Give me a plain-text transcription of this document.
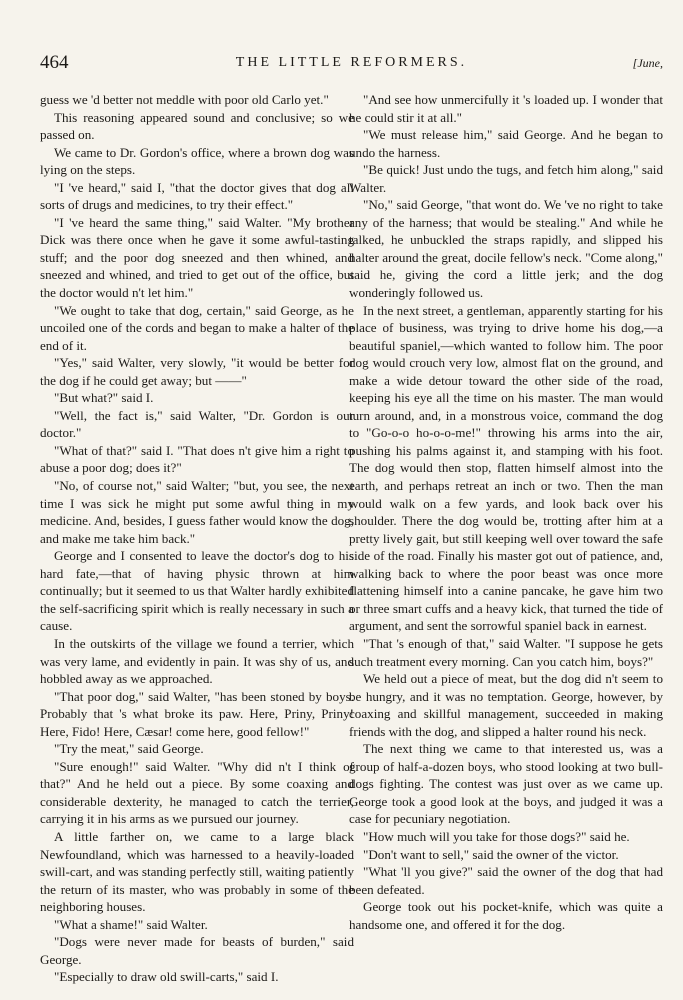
464	THE LITTLE REFORMERS.	[June,

guess we 'd better not meddle with poor old Carlo yet."

This reasoning appeared sound and conclusive; so we passed on.

We came to Dr. Gordon's office, where a brown dog was lying on the steps.

"I 've heard," said I, "that the doctor gives that dog all sorts of drugs and medicines, to try their effect."

"I 've heard the same thing," said Walter. "My brother Dick was there once when he gave it some awful-tasting stuff; and the poor dog sneezed and then whined, and sneezed and whined, and tried to get out of the office, but the doctor would n't let him."

"We ought to take that dog, certain," said George, as he uncoiled one of the cords and began to make a halter of the end of it.

"Yes," said Walter, very slowly, "it would be better for the dog if he could get away; but ——"

"But what?" said I.

"Well, the fact is," said Walter, "Dr. Gordon is our doctor."

"What of that?" said I. "That does n't give him a right to abuse a poor dog; does it?"

"No, of course not," said Walter; "but, you see, the next time I was sick he might put some awful thing in my medicine. And, besides, I guess father would know the dog, and make me take him back."

George and I consented to leave the doctor's dog to his hard fate,—that of having physic thrown at him continually; but it seemed to us that Walter hardly exhibited the self-sacrificing spirit which is really necessary in such a cause.

In the outskirts of the village we found a terrier, which was very lame, and evidently in pain. It was shy of us, and hobbled away as we approached.

"That poor dog," said Walter, "has been stoned by boys. Probably that 's what broke its paw. Here, Priny, Priny! Here, Fido! Here, Cæsar! come here, good fellow!"

"Try the meat," said George.

"Sure enough!" said Walter. "Why did n't I think of that?" And he held out a piece. By some coaxing and considerable dexterity, he managed to catch the terrier, carrying it in his arms as we pursued our journey.

A little farther on, we came to a large black Newfoundland, which was harnessed to a heavily-loaded swill-cart, and was standing perfectly still, waiting patiently the return of its master, who was probably in some of the neighboring houses.

"What a shame!" said Walter.

"Dogs were never made for beasts of burden," said George.

"Especially to draw old swill-carts," said I.

"And see how unmercifully it 's loaded up. I wonder that he could stir it at all."

"We must release him," said George. And he began to undo the harness.

"Be quick! Just undo the tugs, and fetch him along," said Walter.

"No," said George, "that wont do. We 've no right to take any of the harness; that would be stealing." And while he talked, he unbuckled the straps rapidly, and slipped his halter around the great, docile fellow's neck. "Come along," said he, giving the cord a little jerk; and the dog wonderingly followed us.

In the next street, a gentleman, apparently starting for his place of business, was trying to drive home his dog,—a beautiful spaniel,—which wanted to follow him. The poor dog would crouch very low, almost flat on the ground, and make a wide detour toward the other side of the road, keeping his eye all the time on his master. The man would turn around, and, in a monstrous voice, command the dog to "Go-o-o ho-o-o-me!" throwing his arms into the air, pushing his palms against it, and stamping with his foot. The dog would then stop, flatten himself almost into the earth, and perhaps retreat an inch or two. Then the man would walk on a few yards, and look back over his shoulder. There the dog would be, trotting after him at a pretty lively gait, but still keeping well over toward the safe side of the road. Finally his master got out of patience, and, walking back to where the poor beast was once more flattening himself into a canine pancake, he gave him two or three smart cuffs and a heavy kick, that turned the tide of argument, and sent the sorrowful spaniel back in earnest.

"That 's enough of that," said Walter. "I suppose he gets such treatment every morning. Can you catch him, boys?"

We held out a piece of meat, but the dog did n't seem to be hungry, and it was no temptation. George, however, by coaxing and skillful management, succeeded in making friends with the dog, and slipped a halter round his neck.

The next thing we came to that interested us, was a group of half-a-dozen boys, who stood looking at two bull-dogs fighting. The contest was just over as we came up. George took a good look at the boys, and judged it was a case for pecuniary negotiation.

"How much will you take for those dogs?" said he.

"Don't want to sell," said the owner of the victor.

"What 'll you give?" said the owner of the dog that had been defeated.

George took out his pocket-knife, which was quite a handsome one, and offered it for the dog.
